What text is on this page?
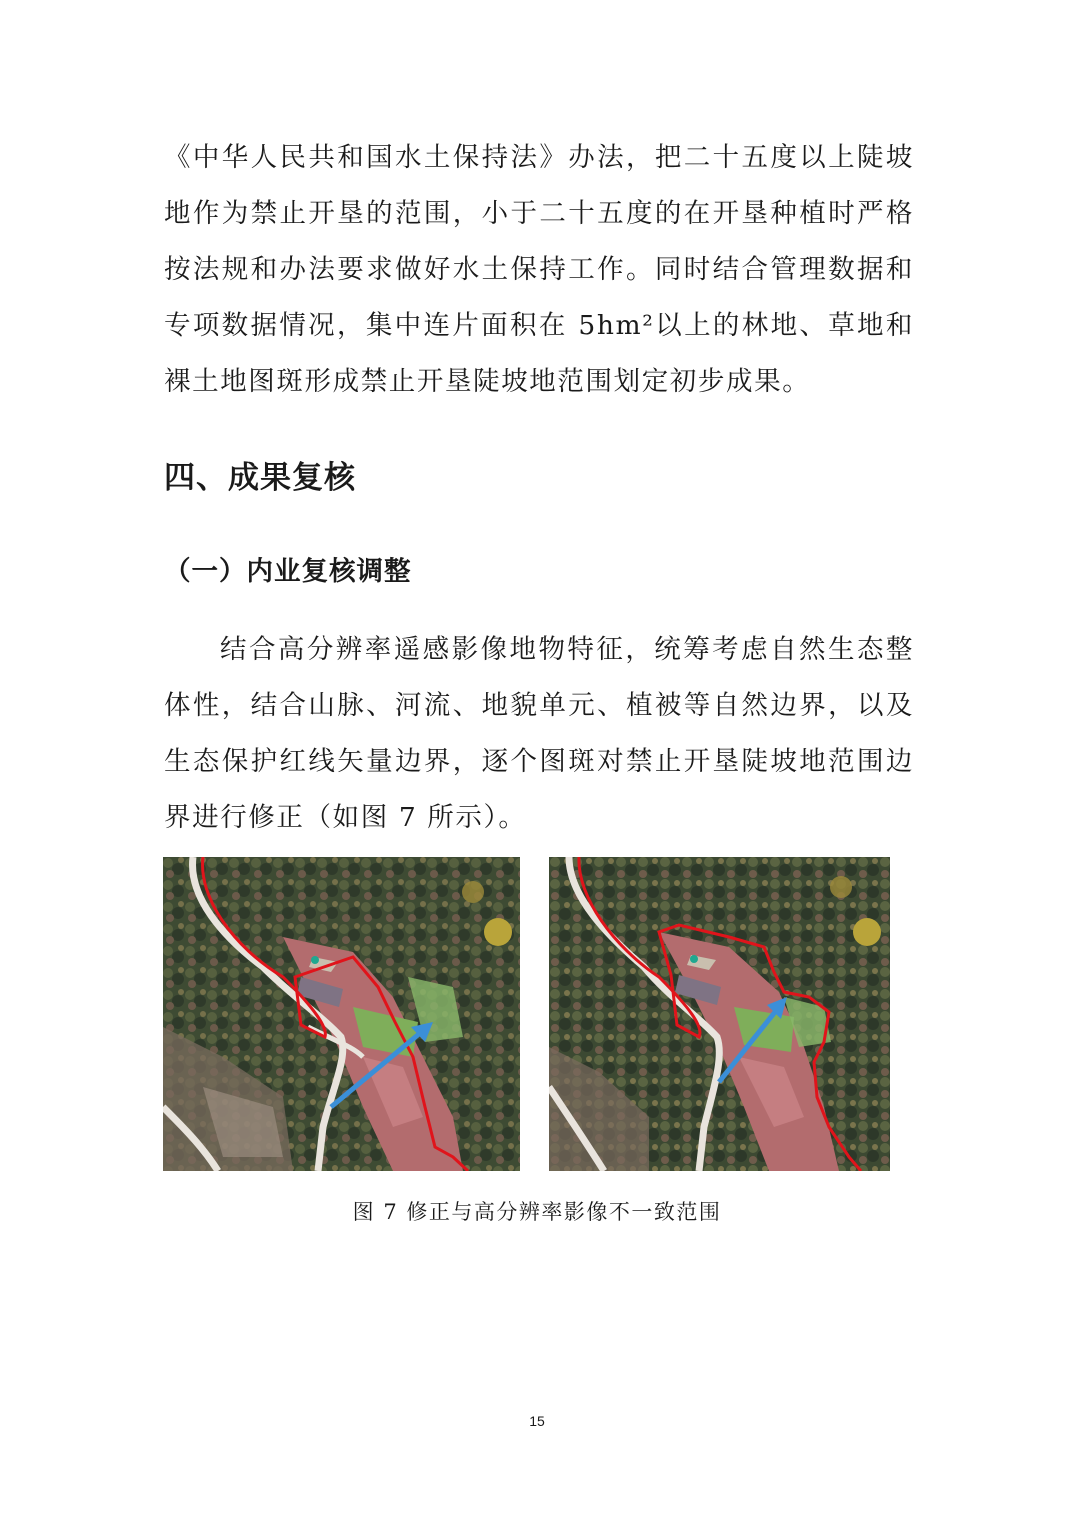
《中华人民共和国水土保持法》办法，把二十五度以上陡坡地作为禁止开垦的范围，小于二十五度的在开垦种植时严格按法规和办法要求做好水土保持工作。同时结合管理数据和专项数据情况，集中连片面积在 5hm²以上的林地、草地和裸土地图斑形成禁止开垦陡坡地范围划定初步成果。

四、成果复核
（一）内业复核调整

结合高分辨率遥感影像地物特征，统筹考虑自然生态整体性，结合山脉、河流、地貌单元、植被等自然边界，以及生态保护红线矢量边界，逐个图斑对禁止开垦陡坡地范围边界进行修正（如图 7 所示）。

图 7 修正与高分辨率影像不一致范围

15
